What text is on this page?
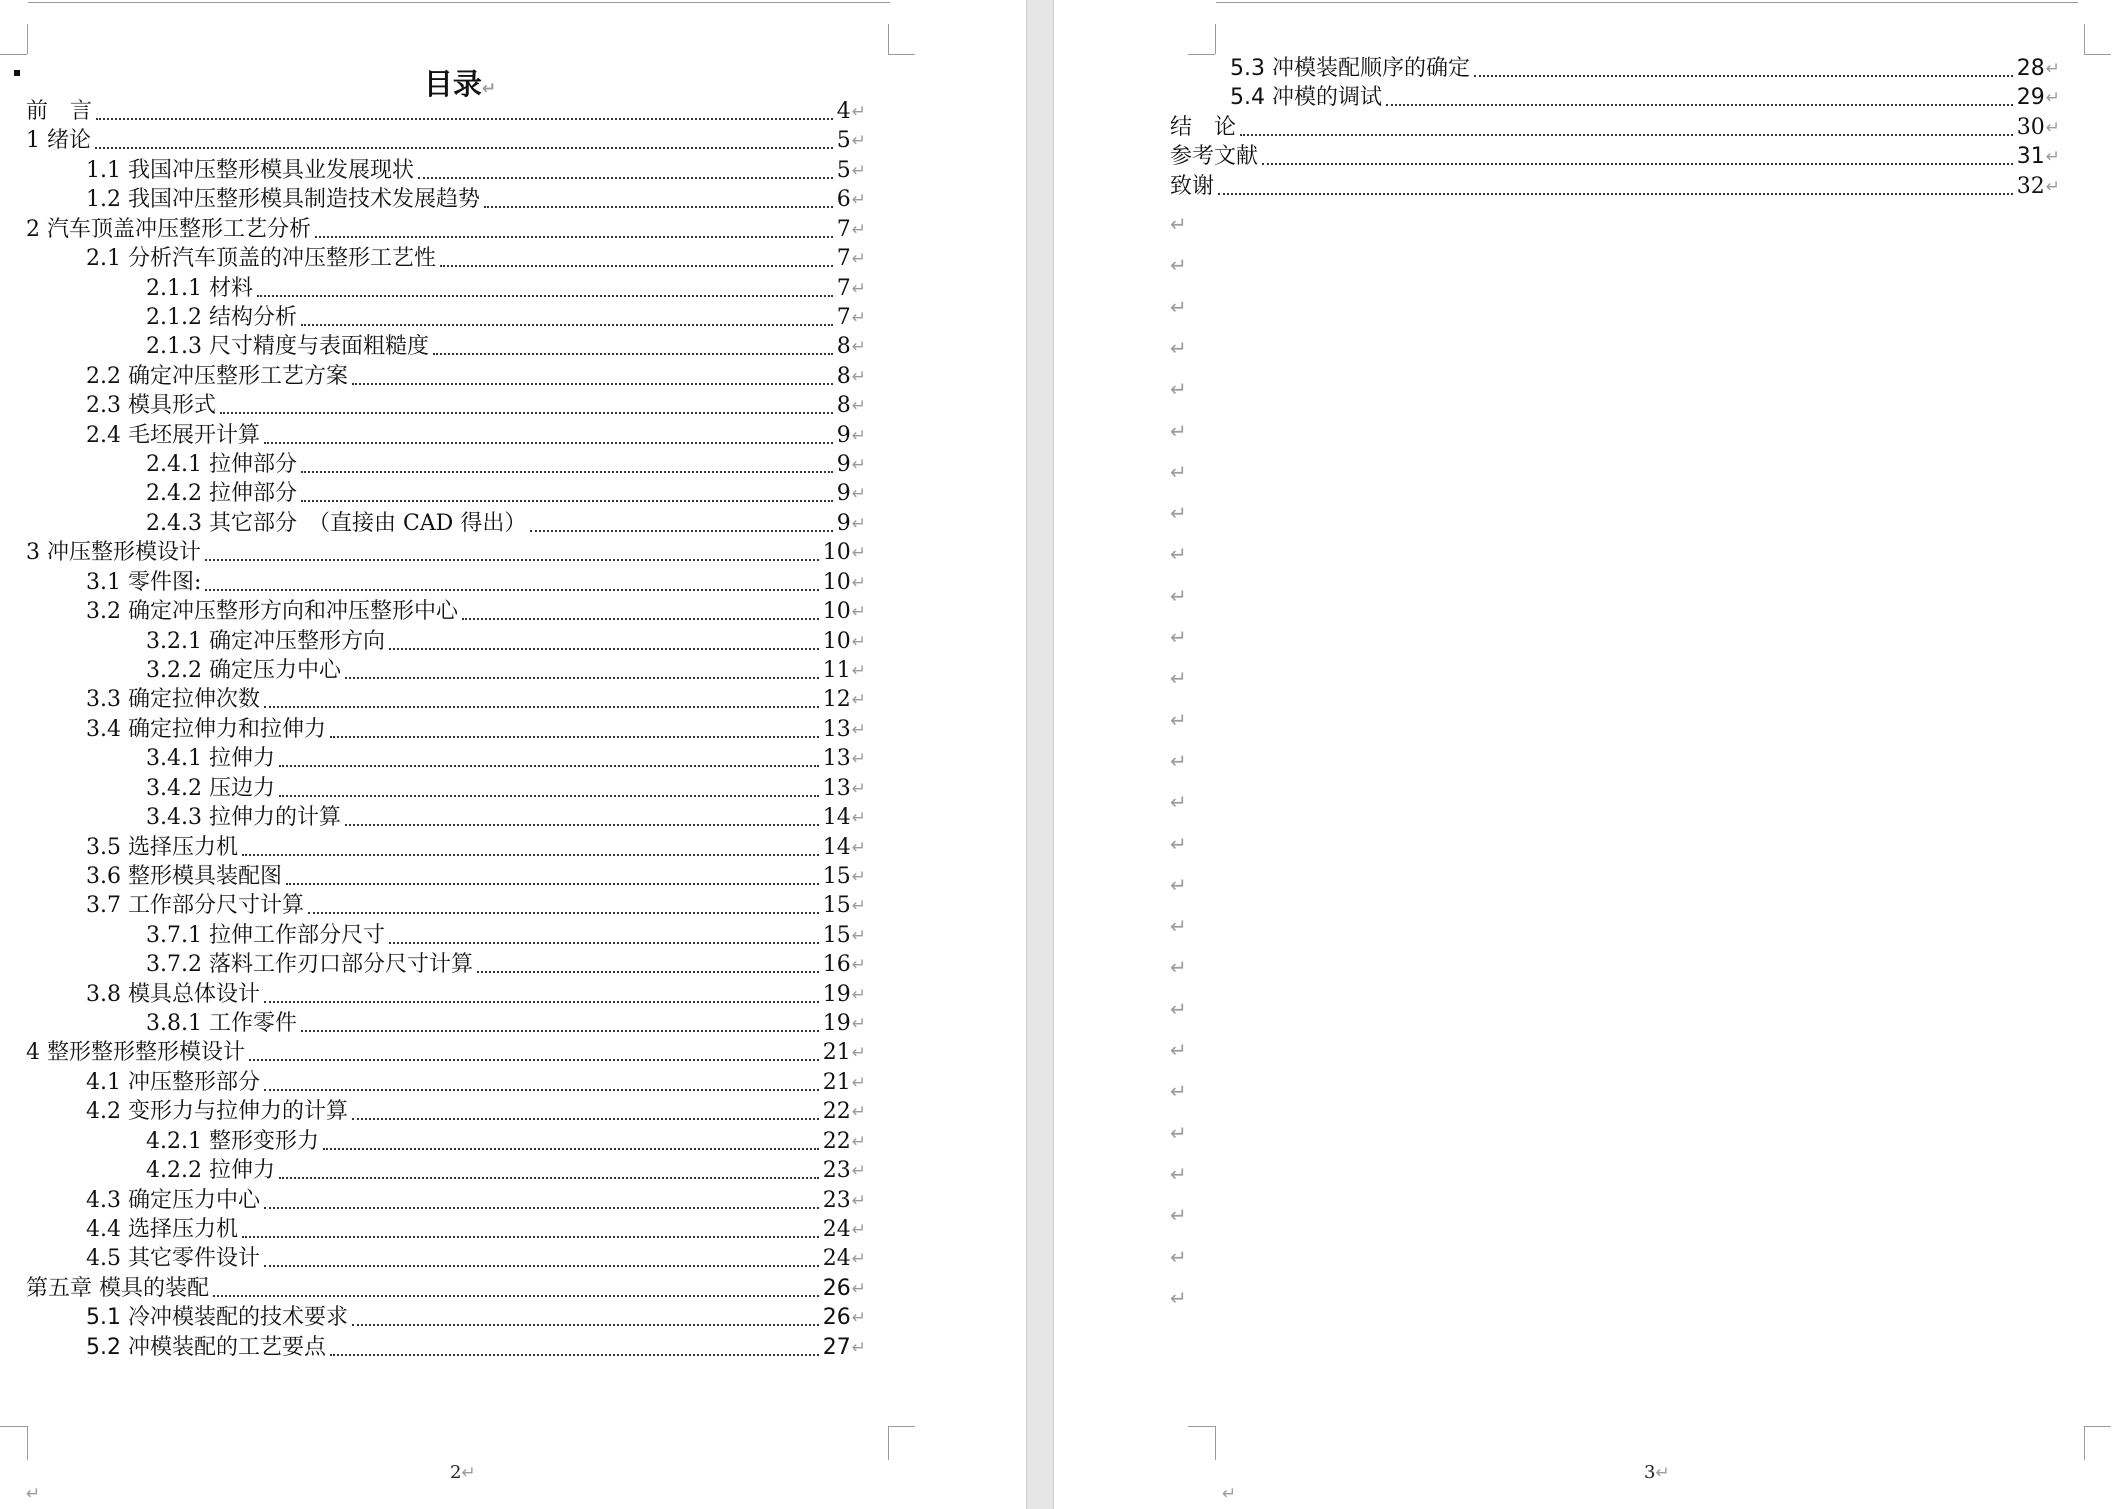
目录↵
前　言	4 ↵
1 绪论	5 ↵
1.1 我国冲压整形模具业发展现状	5 ↵
1.2 我国冲压整形模具制造技术发展趋势	6 ↵
2 汽车顶盖冲压整形工艺分析	7 ↵
2.1 分析汽车顶盖的冲压整形工艺性	7 ↵
2.1.1 材料	7 ↵
2.1.2 结构分析	7 ↵
2.1.3 尺寸精度与表面粗糙度	8 ↵
2.2 确定冲压整形工艺方案	8 ↵
2.3 模具形式	8 ↵
2.4 毛坯展开计算	9 ↵
2.4.1 拉伸部分	9 ↵
2.4.2 拉伸部分	9 ↵
2.4.3 其它部分　（直接由 CAD 得出）	9 ↵
3 冲压整形模设计	10 ↵
3.1 零件图:	10 ↵
3.2 确定冲压整形方向和冲压整形中心	10 ↵
3.2.1 确定冲压整形方向	10 ↵
3.2.2 确定压力中心	11 ↵
3.3 确定拉伸次数	12 ↵
3.4 确定拉伸力和拉伸力	13 ↵
3.4.1 拉伸力	13 ↵
3.4.2 压边力	13 ↵
3.4.3 拉伸力的计算	14 ↵
3.5 选择压力机	14 ↵
3.6 整形模具装配图	15 ↵
3.7 工作部分尺寸计算	15 ↵
3.7.1 拉伸工作部分尺寸	15 ↵
3.7.2 落料工作刃口部分尺寸计算	16 ↵
3.8 模具总体设计	19 ↵
3.8.1 工作零件	19 ↵
4 整形整形整形模设计	21 ↵
4.1 冲压整形部分	21 ↵
4.2 变形力与拉伸力的计算	22 ↵
4.2.1 整形变形力	22 ↵
4.2.2 拉伸力	23 ↵
4.3 确定压力中心	23 ↵
4.4 选择压力机	24 ↵
4.5 其它零件设计	24 ↵
第五章 模具的装配	26 ↵
5.1 冷冲模装配的技术要求	26 ↵
5.2 冲模装配的工艺要点	27 ↵
2↵
↵
5.3 冲模装配顺序的确定	28 ↵
5.4 冲模的调试	29 ↵
结　论	30 ↵
参考文献	31 ↵
致谢	32 ↵
↵
↵
↵
↵
↵
↵
↵
↵
↵
↵
↵
↵
↵
↵
↵
↵
↵
↵
↵
↵
↵
↵
↵
↵
↵
↵
↵
3↵
↵
